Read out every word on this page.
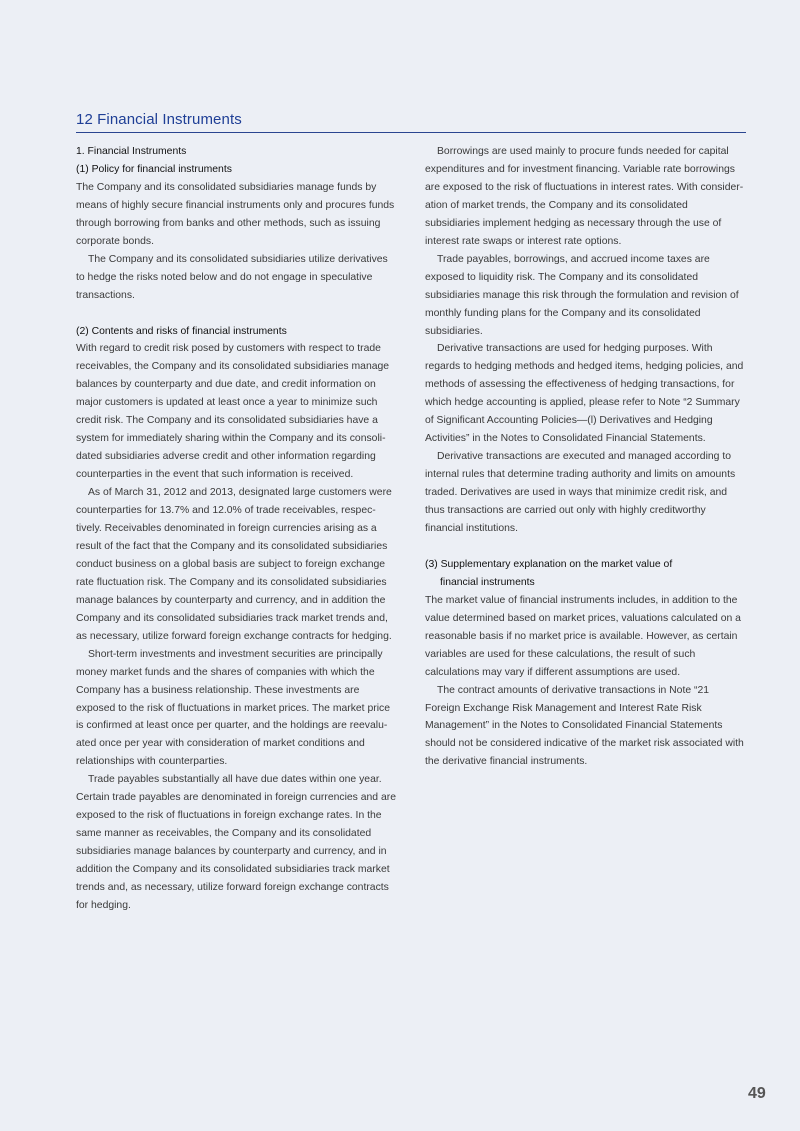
12 Financial Instruments

1. Financial Instruments

(1) Policy for financial instruments

The Company and its consolidated subsidiaries manage funds by means of highly secure financial instruments only and procures funds through borrowing from banks and other methods, such as issuing corporate bonds.

The Company and its consolidated subsidiaries utilize derivatives to hedge the risks noted below and do not engage in speculative transactions.

(2) Contents and risks of financial instruments

With regard to credit risk posed by customers with respect to trade receivables, the Company and its consolidated subsidiaries manage balances by counterparty and due date, and credit information on major customers is updated at least once a year to minimize such credit risk. The Company and its consolidated subsidiaries have a system for immediately sharing within the Company and its consoli-dated subsidiaries adverse credit and other information regarding counterparties in the event that such information is received.

As of March 31, 2012 and 2013, designated large customers were counterparties for 13.7% and 12.0% of trade receivables, respec-tively. Receivables denominated in foreign currencies arising as a result of the fact that the Company and its consolidated subsidiaries conduct business on a global basis are subject to foreign exchange rate fluctuation risk. The Company and its consolidated subsidiaries manage balances by counterparty and currency, and in addition the Company and its consolidated subsidiaries track market trends and, as necessary, utilize forward foreign exchange contracts for hedging.

Short-term investments and investment securities are principally money market funds and the shares of companies with which the Company has a business relationship. These investments are exposed to the risk of fluctuations in market prices. The market price is confirmed at least once per quarter, and the holdings are reevalu-ated once per year with consideration of market conditions and relationships with counterparties.

Trade payables substantially all have due dates within one year. Certain trade payables are denominated in foreign currencies and are exposed to the risk of fluctuations in foreign exchange rates. In the same manner as receivables, the Company and its consolidated subsidiaries manage balances by counterparty and currency, and in addition the Company and its consolidated subsidiaries track market trends and, as necessary, utilize forward foreign exchange contracts for hedging.

Borrowings are used mainly to procure funds needed for capital expenditures and for investment financing. Variable rate borrowings are exposed to the risk of fluctuations in interest rates. With consider-ation of market trends, the Company and its consolidated subsidiaries implement hedging as necessary through the use of interest rate swaps or interest rate options.

Trade payables, borrowings, and accrued income taxes are exposed to liquidity risk. The Company and its consolidated subsidiaries manage this risk through the formulation and revision of monthly funding plans for the Company and its consolidated subsidiaries.

Derivative transactions are used for hedging purposes. With regards to hedging methods and hedged items, hedging policies, and methods of assessing the effectiveness of hedging transactions, for which hedge accounting is applied, please refer to Note “2 Summary of Significant Accounting Policies—(l) Derivatives and Hedging Activities” in the Notes to Consolidated Financial Statements.

Derivative transactions are executed and managed according to internal rules that determine trading authority and limits on amounts traded. Derivatives are used in ways that minimize credit risk, and thus transactions are carried out only with highly creditworthy financial institutions.

(3) Supplementary explanation on the market value of

financial instruments

The market value of financial instruments includes, in addition to the value determined based on market prices, valuations calculated on a reasonable basis if no market price is available. However, as certain variables are used for these calculations, the result of such calculations may vary if different assumptions are used.

The contract amounts of derivative transactions in Note “21 Foreign Exchange Risk Management and Interest Rate Risk Management” in the Notes to Consolidated Financial Statements should not be considered indicative of the market risk associated with the derivative financial instruments.

49
